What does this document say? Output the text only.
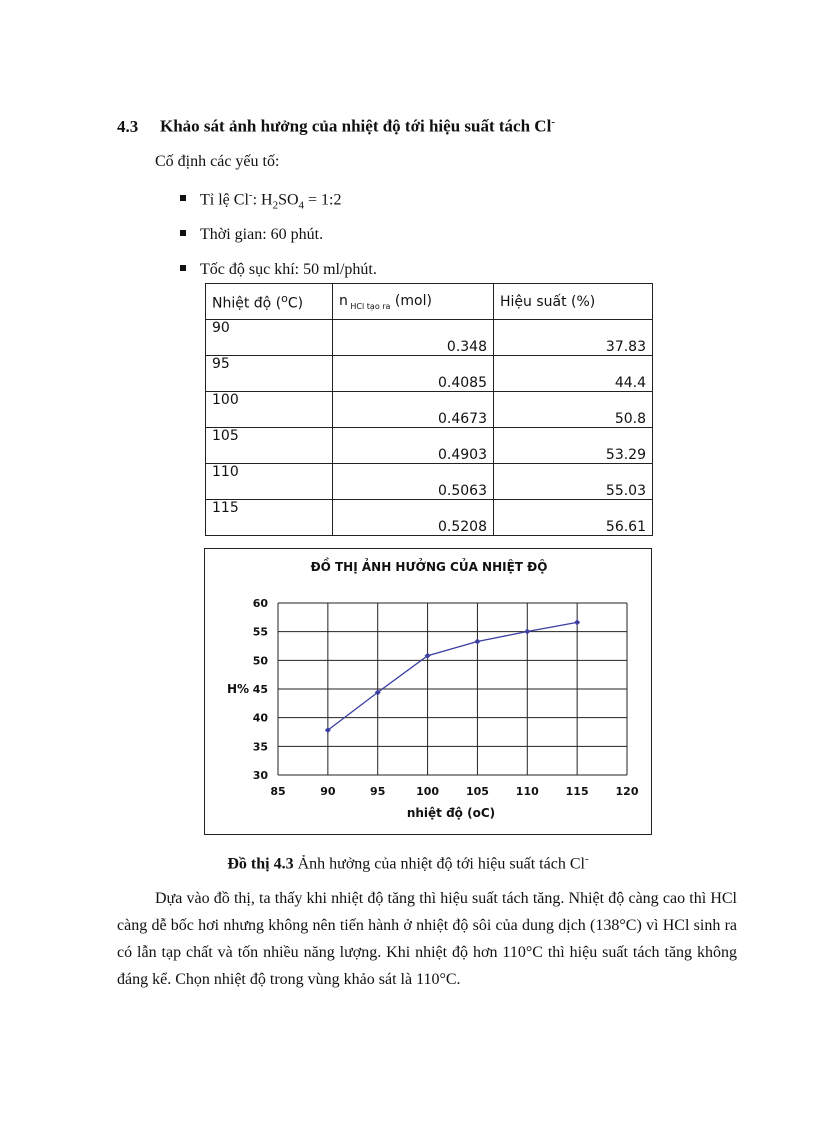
4.3 Khảo sát ảnh hưởng của nhiệt độ tới hiệu suất tách Cl-
Cố định các yếu tố:
Tỉ lệ Cl-: $H_2SO_4$ = 1:2
Thời gian: 60 phút.
Tốc độ sục khí: 50 ml/phút.
Nhiệt độ ($^o$C)	n $_{HCl tạo ra}$ (mol)	Hiệu suất (%)
90	0.348	37.83
95	0.4085	44.4
100	0.4673	50.8
105	0.4903	53.29
110	0.5063	55.03
115	0.5208	56.61
ĐỒ THỊ ẢNH HƯỞNG CỦA NHIỆT ĐỘ
85	90	95	100 105 110 115 120
30
35
40
45
50
55
60
H%
nhiệt độ (oC)
Đồ thị 4.3 Ảnh hưởng của nhiệt độ tới hiệu suất tách Cl-
Dựa vào đồ thị, ta thấy khi nhiệt độ tăng thì hiệu suất tách tăng. Nhiệt độ càng cao thì HCl càng dễ bốc hơi nhưng không nên tiến hành ở nhiệt độ sôi của dung dịch (138°C) vì HCl sinh ra có lẫn tạp chất và tốn nhiều năng lượng. Khi nhiệt độ hơn 110°C thì hiệu suất tách tăng không đáng kể. Chọn nhiệt độ trong vùng khảo sát là 110°C.
